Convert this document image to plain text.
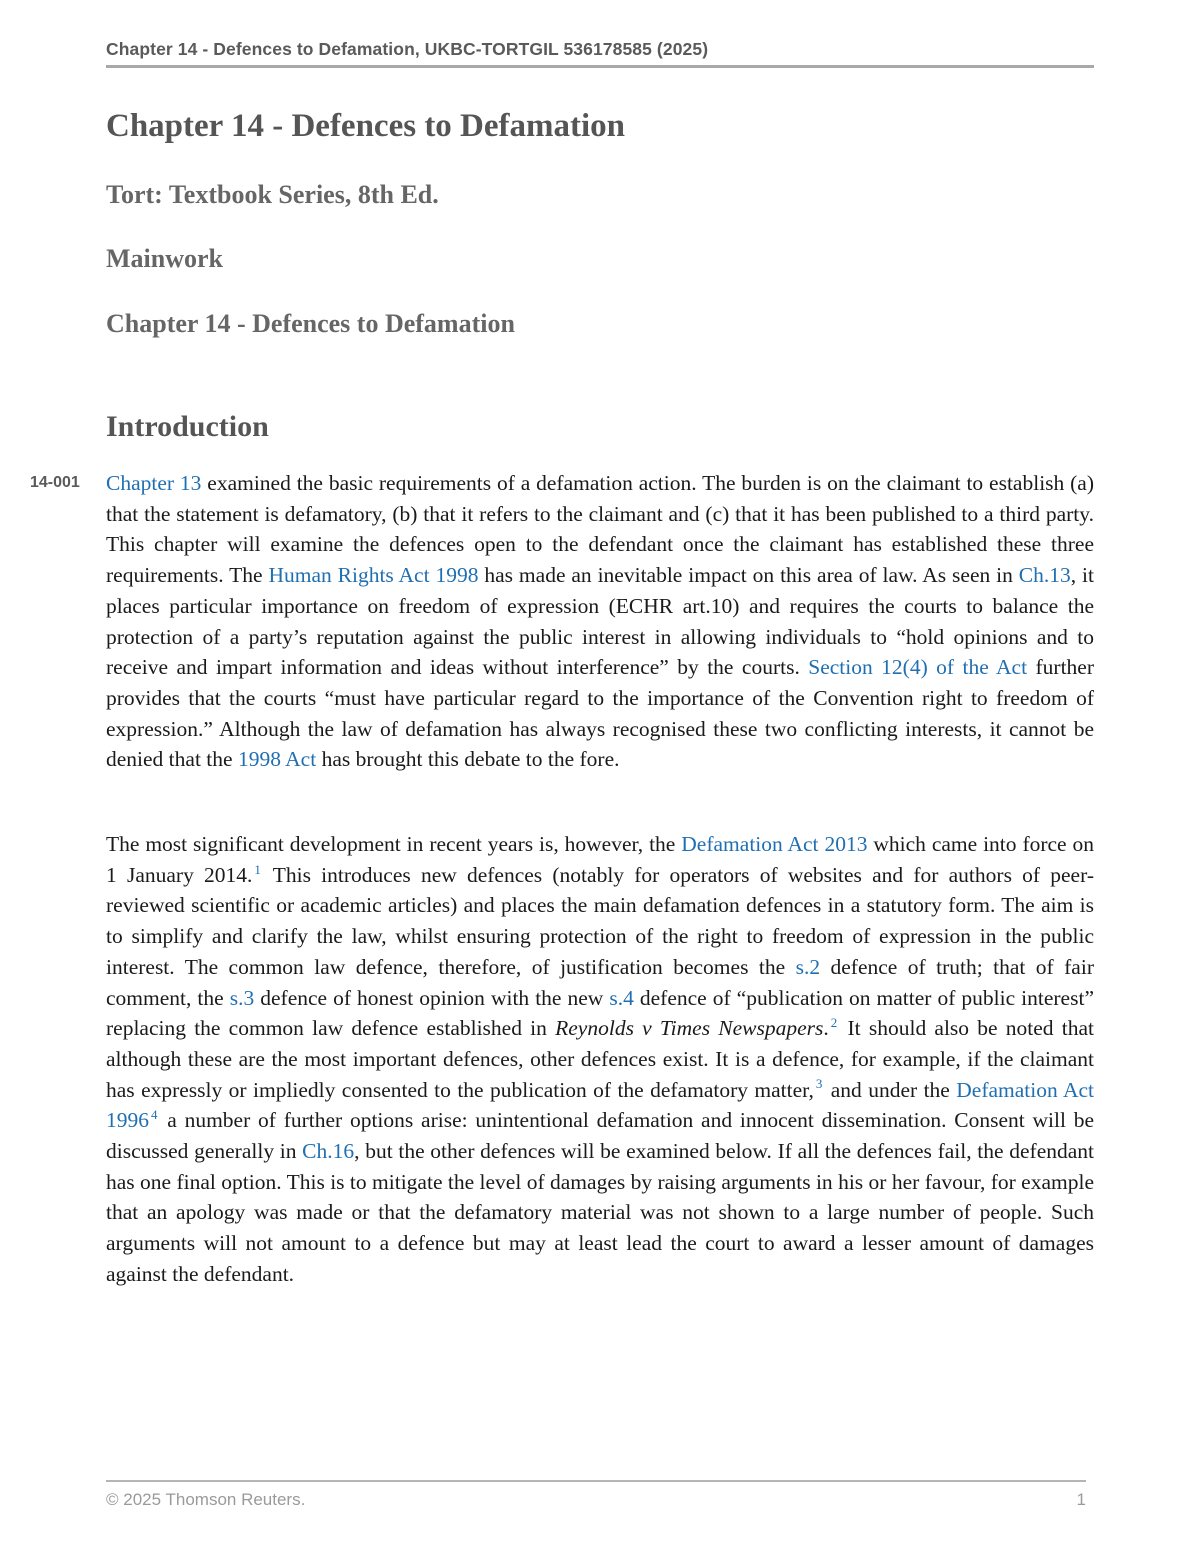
Chapter 14 - Defences to Defamation, UKBC-TORTGIL 536178585 (2025)
Chapter 14 - Defences to Defamation
Tort: Textbook Series, 8th Ed.
Mainwork
Chapter 14 - Defences to Defamation
Introduction
14-001 Chapter 13 examined the basic requirements of a defamation action. The burden is on the claimant to establish (a) that the statement is defamatory, (b) that it refers to the claimant and (c) that it has been published to a third party. This chapter will examine the defences open to the defendant once the claimant has established these three requirements. The Human Rights Act 1998 has made an inevitable impact on this area of law. As seen in Ch.13, it places particular importance on freedom of expression (ECHR art.10) and requires the courts to balance the protection of a party’s reputation against the public interest in allowing individuals to “hold opinions and to receive and impart information and ideas without interference” by the courts. Section 12(4) of the Act further provides that the courts “must have particular regard to the importance of the Convention right to freedom of expression.” Although the law of defamation has always recognised these two conflicting interests, it cannot be denied that the 1998 Act has brought this debate to the fore.

The most significant development in recent years is, however, the Defamation Act 2013 which came into force on 1 January 2014. $^1$ This introduces new defences (notably for operators of websites and for authors of peer-reviewed scientific or academic articles) and places the main defamation defences in a statutory form. The aim is to simplify and clarify the law, whilst ensuring protection of the right to freedom of expression in the public interest. The common law defence, therefore, of justification becomes the s.2 defence of truth; that of fair comment, the s.3 defence of honest opinion with the new s.4 defence of “publication on matter of public interest” replacing the common law defence established in Reynolds v Times Newspapers. $^2$ It should also be noted that although these are the most important defences, other defences exist. It is a defence, for example, if the claimant has expressly or impliedly consented to the publication of the defamatory matter, $^3$ and under the Defamation Act 1996 $^4$ a number of further options arise: unintentional defamation and innocent dissemination. Consent will be discussed generally in Ch.16, but the other defences will be examined below. If all the defences fail, the defendant has one final option. This is to mitigate the level of damages by raising arguments in his or her favour, for example that an apology was made or that the defamatory material was not shown to a large number of people. Such arguments will not amount to a defence but may at least lead the court to award a lesser amount of damages against the defendant.

© 2025 Thomson Reuters.	1
